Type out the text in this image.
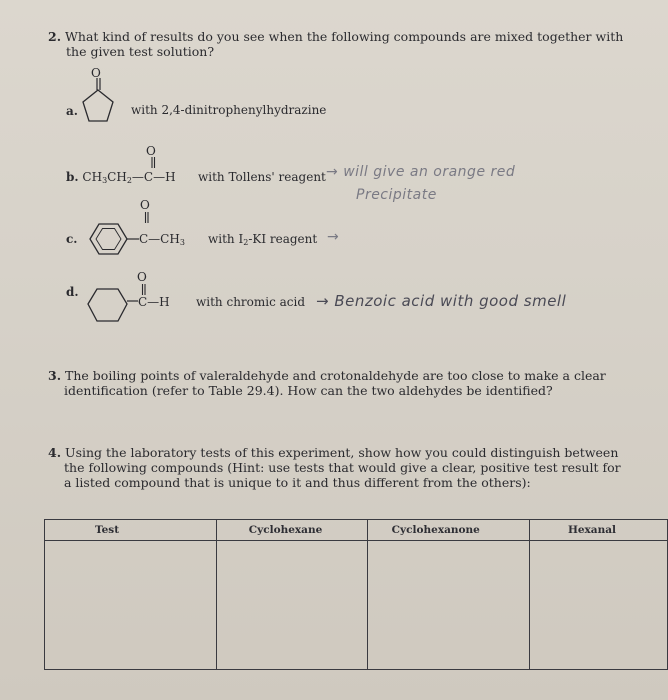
2. What kind of results do you see when the following compounds are mixed together with
the given test solution?
a.
O
with 2,4-dinitrophenylhydrazine
O
b. $CH_3CH_2—C—H$ with Tollens' reagent → will give an orange red
Precipitate
c.
O
$C—CH_3$ with $I_2-KI$ reagent →
d.
O
C—H with chromic acid → Benzoic acid with good smell
3. The boiling points of valeraldehyde and crotonaldehyde are too close to make a clear
identification (refer to Table 29.4). How can the two aldehydes be identified?
4. Using the laboratory tests of this experiment, show how you could distinguish between
the following compounds (Hint: use tests that would give a clear, positive test result for
a listed compound that is unique to it and thus different from the others):
Test	Cyclohexane	Cyclohexanone	Hexanal
